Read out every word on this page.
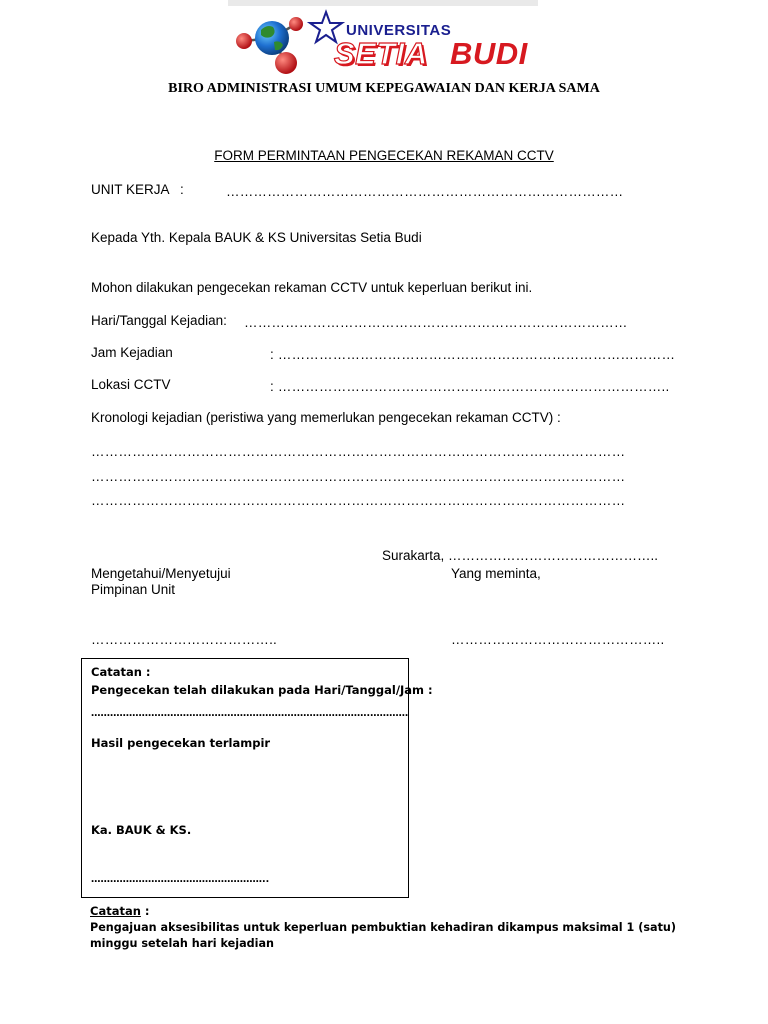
UNIVERSITAS
SETIA BUDI
BIRO ADMINISTRASI UMUM KEPEGAWAIAN DAN KERJA SAMA
FORM PERMINTAAN PENGECEKAN REKAMAN CCTV
UNIT KERJA :	……………………………………………………………………………
Kepada Yth. Kepala BAUK & KS Universitas Setia Budi
Mohon dilakukan pengecekan rekaman CCTV untuk keperluan berikut ini.
Hari/Tanggal Kejadian: …………………………………………………………………………
Jam Kejadian	: ……………………………………………………………………………
Lokasi CCTV	: …………………………………………………………………………..
Kronologi kejadian (peristiwa yang memerlukan pengecekan rekaman CCTV) :
………………………………………………………………………………………………………
………………………………………………………………………………………………………
………………………………………………………………………………………………………
Surakarta, ………………………………………..
Mengetahui/Menyetujui
Pimpinan Unit
Yang meminta,
…………………………………..	………………………………………..
Catatan :
Pengecekan telah dilakukan pada Hari/Tanggal/Jam :
…………………………………………………………………………….…………
Hasil pengecekan terlampir
Ka. BAUK & KS.
………………………………………………..
Catatan :
Pengajuan aksesibilitas untuk keperluan pembuktian kehadiran dikampus maksimal 1 (satu) minggu setelah hari kejadian
